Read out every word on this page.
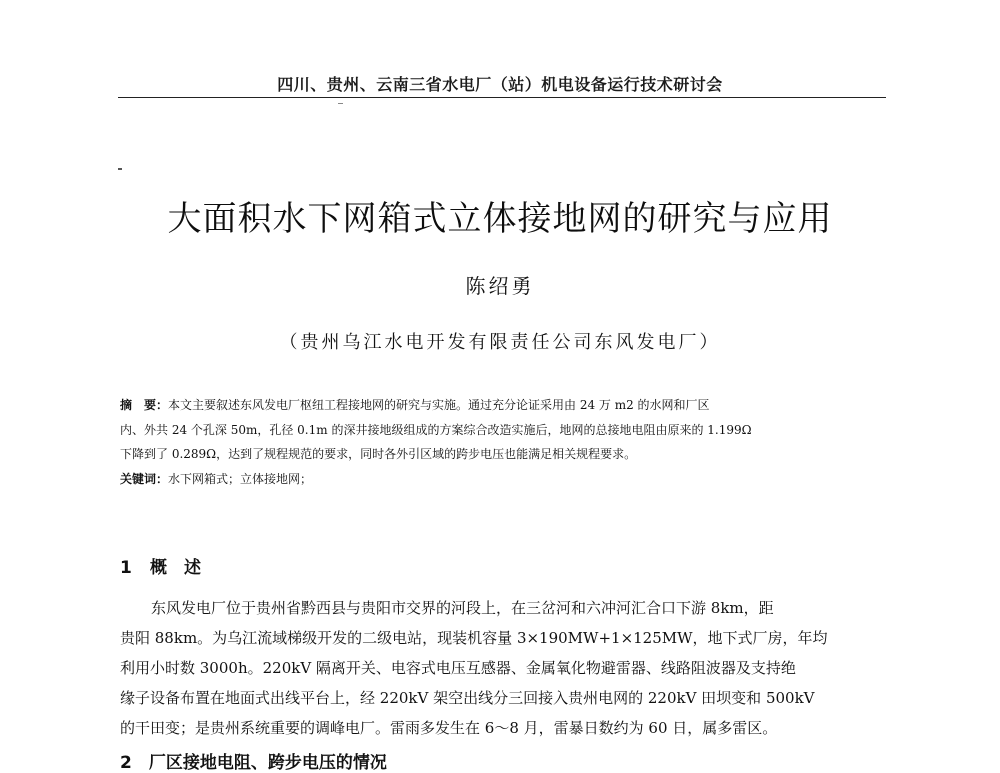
四川、贵州、云南三省水电厂（站）机电设备运行技术研讨会
大面积水下网箱式立体接地网的研究与应用
陈绍勇
（贵州乌江水电开发有限责任公司东风发电厂）
摘　要：本文主要叙述东风发电厂枢纽工程接地网的研究与实施。通过充分论证采用由 24 万 m2 的水网和厂区
内、外共 24 个孔深 50m，孔径 0.1m 的深井接地级组成的方案综合改造实施后，地网的总接地电阻由原来的 1.199Ω
下降到了 0.289Ω，达到了规程规范的要求，同时各外引区域的跨步电压也能满足相关规程要求。
关键词：水下网箱式；立体接地网；
1 概　述
东风发电厂位于贵州省黔西县与贵阳市交界的河段上，在三岔河和六冲河汇合口下游 8km，距
贵阳 88km。为乌江流域梯级开发的二级电站，现装机容量 3×190MW+1×125MW，地下式厂房，年均
利用小时数 3000h。220kV 隔离开关、电容式电压互感器、金属氧化物避雷器、线路阻波器及支持绝
缘子设备布置在地面式出线平台上，经 220kV 架空出线分三回接入贵州电网的 220kV 田坝变和 500kV
的干田变；是贵州系统重要的调峰电厂。雷雨多发生在 6～8 月，雷暴日数约为 60 日，属多雷区。
2　厂区接地电阻、跨步电压的情况
